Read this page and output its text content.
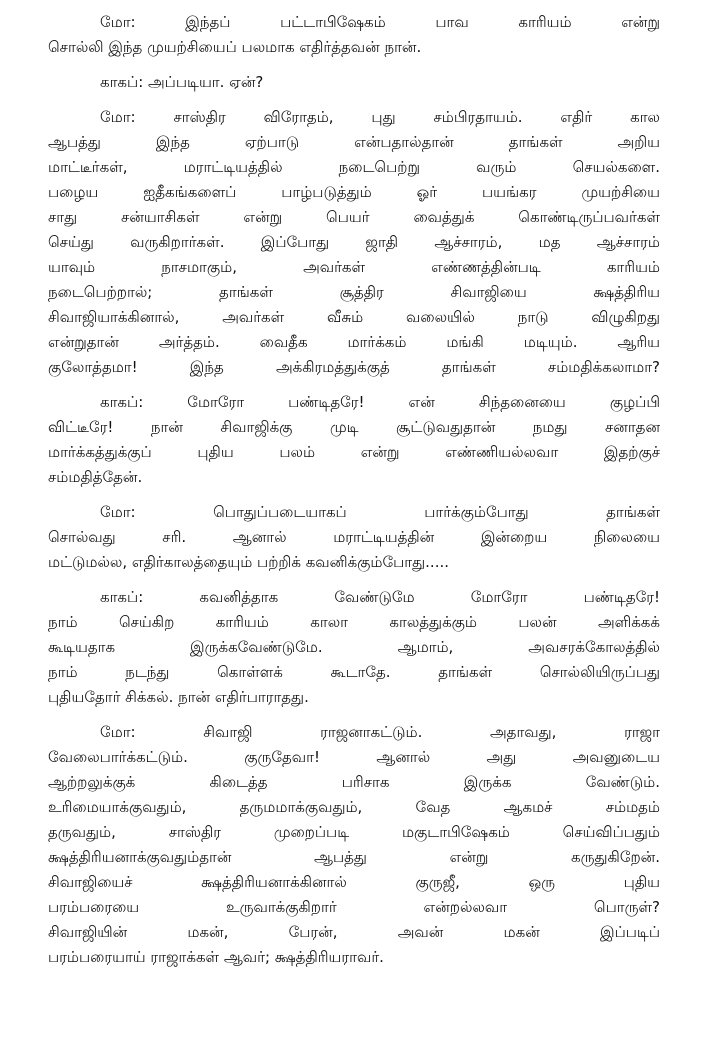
மோ: இந்தப் பட்டாபிஷேகம் பாவ காரியம் என்று
சொல்லி இந்த முயற்சியைப் பலமாக எதிர்த்தவன் நான்.
காகப்: அப்படியா. ஏன்?
மோ: சாஸ்திர விரோதம், புது சம்பிரதாயம். எதிர் கால
ஆபத்து இந்த ஏற்பாடு என்பதால்தான் தாங்கள் அறிய
மாட்டீர்கள், மராட்டியத்தில் நடைபெற்று வரும் செயல்களை.
பழைய ஐதீகங்களைப் பாழ்படுத்தும் ஓர் பயங்கர முயற்சியை
சாது சன்யாசிகள் என்று பெயர் வைத்துக் கொண்டிருப்பவர்கள்
செய்து வருகிறார்கள். இப்போது ஜாதி ஆச்சாரம், மத ஆச்சாரம்
யாவும் நாசமாகும், அவர்கள் எண்ணத்தின்படி காரியம்
நடைபெற்றால்; தாங்கள் சூத்திர சிவாஜியை க்ஷத்திரிய
சிவாஜியாக்கினால், அவர்கள் வீசும் வலையில் நாடு விழுகிறது
என்றுதான் அர்த்தம். வைதீக மார்க்கம் மங்கி மடியும். ஆரிய
குலோத்தமா! இந்த அக்கிரமத்துக்குத் தாங்கள் சம்மதிக்கலாமா?
காகப்: மோரோ பண்டிதரே! என் சிந்தனையை குழப்பி
விட்டீரே! நான் சிவாஜிக்கு முடி சூட்டுவதுதான் நமது சனாதன
மார்க்கத்துக்குப் புதிய பலம் என்று எண்ணியல்லவா இதற்குச்
சம்மதித்தேன்.
மோ: பொதுப்படையாகப் பார்க்கும்போது தாங்கள்
சொல்வது சரி. ஆனால் மராட்டியத்தின் இன்றைய நிலையை
மட்டுமல்ல, எதிர்காலத்தையும் பற்றிக் கவனிக்கும்போது.....
காகப்: கவனித்தாக வேண்டுமே மோரோ பண்டிதரே!
நாம் செய்கிற காரியம் காலா காலத்துக்கும் பலன் அளிக்கக்
கூடியதாக இருக்கவேண்டுமே. ஆமாம், அவசரக்கோலத்தில்
நாம் நடந்து கொள்ளக் கூடாதே. தாங்கள் சொல்லியிருப்பது
புதியதோர் சிக்கல். நான் எதிர்பாராதது.
மோ: சிவாஜி ராஜனாகட்டும். அதாவது, ராஜா
வேலைபார்க்கட்டும். குருதேவா! ஆனால் அது அவனுடைய
ஆற்றலுக்குக் கிடைத்த பரிசாக இருக்க வேண்டும்.
உரிமையாக்குவதும், தருமமாக்குவதும், வேத ஆகமச் சம்மதம்
தருவதும், சாஸ்திர முறைப்படி மகுடாபிஷேகம் செய்விப்பதும்
க்ஷத்திரியனாக்குவதும்தான் ஆபத்து என்று கருதுகிறேன்.
சிவாஜியைச் க்ஷத்திரியனாக்கினால் குருஜீ, ஒரு புதிய
பரம்பரையை உருவாக்குகிறார் என்றல்லவா பொருள்?
சிவாஜியின் மகன், பேரன், அவன் மகன் இப்படிப்
பரம்பரையாய் ராஜாக்கள் ஆவர்; க்ஷத்திரியராவர்.
